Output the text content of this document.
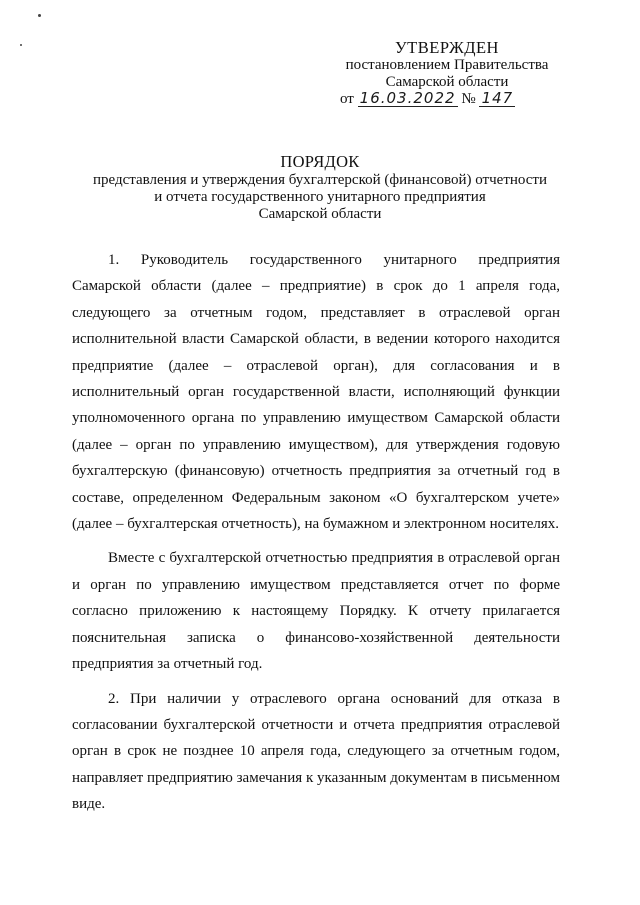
УТВЕРЖДЕН
постановлением Правительства
Самарской области
от 16.03.2022 № 147
ПОРЯДОК
представления и утверждения бухгалтерской (финансовой) отчетности
и отчета государственного унитарного предприятия
Самарской области

1. Руководитель государственного унитарного предприятия Самарской области (далее – предприятие) в срок до 1 апреля года, следующего за отчетным годом, представляет в отраслевой орган исполнительной власти Самарской области, в ведении которого находится предприятие (далее – отраслевой орган), для согласования и в исполнительный орган государственной власти, исполняющий функции уполномоченного органа по управлению имуществом Самарской области (далее – орган по управлению имуществом), для утверждения годовую бухгалтерскую (финансовую) отчетность предприятия за отчетный год в составе, определенном Федеральным законом «О бухгалтерском учете» (далее – бухгалтерская отчетность), на бумажном и электронном носителях.

Вместе с бухгалтерской отчетностью предприятия в отраслевой орган и орган по управлению имуществом представляется отчет по форме согласно приложению к настоящему Порядку. К отчету прилагается пояснительная записка о финансово-хозяйственной деятельности предприятия за отчетный год.

2. При наличии у отраслевого органа оснований для отказа в согласовании бухгалтерской отчетности и отчета предприятия отраслевой орган в срок не позднее 10 апреля года, следующего за отчетным годом, направляет предприятию замечания к указанным документам в письменном виде.
